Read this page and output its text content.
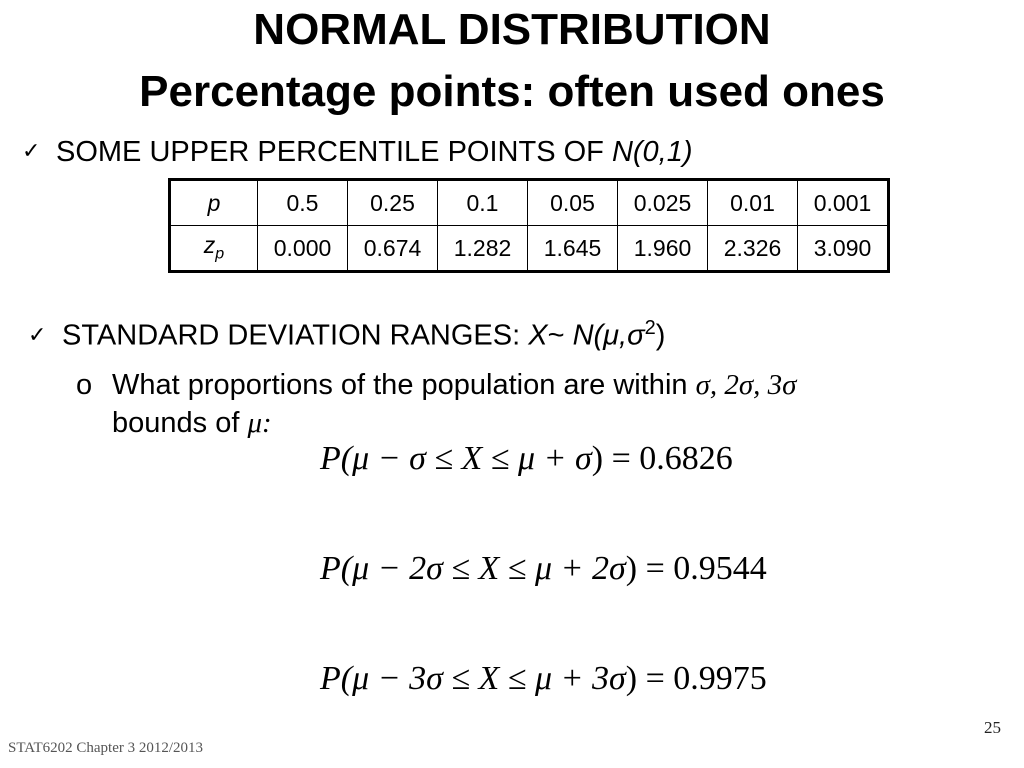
NORMAL DISTRIBUTION
Percentage points: often used ones
✓ SOME UPPER PERCENTILE POINTS OF N(0,1)
p	0.5	0.25	0.1	0.05	0.025	0.01	0.001
$z_p$	0.000	0.674	1.282	1.645	1.960	2.326	3.090
✓ STANDARD DEVIATION RANGES: X~ $N(\mu,\sigma^2)$
o What proportions of the population are within σ, 2σ, 3σ
bounds of μ:
P(μ − σ ≤ X ≤ μ + σ) = 0.6826
P(μ − 2σ ≤ X ≤ μ + 2σ) = 0.9544
P(μ − 3σ ≤ X ≤ μ + 3σ) = 0.9975
STAT6202 Chapter 3 2012/2013
25
